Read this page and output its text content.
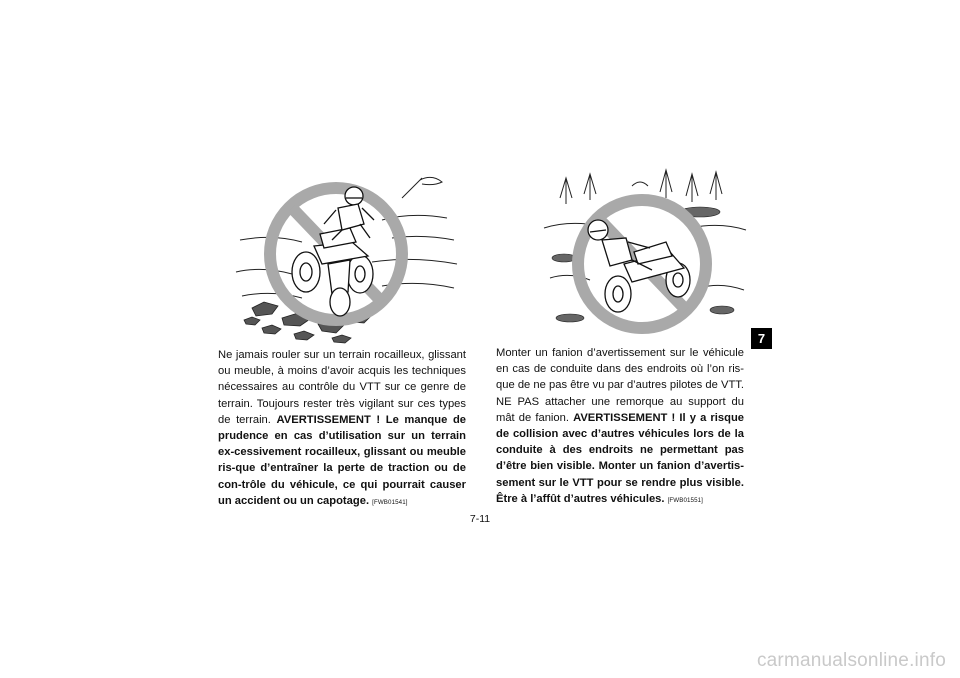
Ne jamais rouler sur un terrain rocailleux, glissant ou meuble, à moins d’avoir acquis les techniques nécessaires au contrôle du VTT sur ce genre de terrain. Toujours rester très vigilant sur ces types de terrain. AVERTISSEMENT ! Le manque de prudence en cas d’utilisation sur un terrain ex-cessivement rocailleux, glissant ou meuble ris-que d’entraîner la perte de traction ou de con-trôle du véhicule, ce qui pourrait causer un accident ou un capotage. [FWB01541]

Monter un fanion d’avertissement sur le véhicule en cas de conduite dans des endroits où l’on ris-que de ne pas être vu par d’autres pilotes de VTT. NE PAS attacher une remorque au support du mât de fanion. AVERTISSEMENT ! Il y a risque de collision avec d’autres véhicules lors de la conduite à des endroits ne permettant pas d’être bien visible. Monter un fanion d’avertis-sement sur le VTT pour se rendre plus visible. Être à l’affût d’autres véhicules. [FWB01551]

7
7-11
carmanualsonline.info
